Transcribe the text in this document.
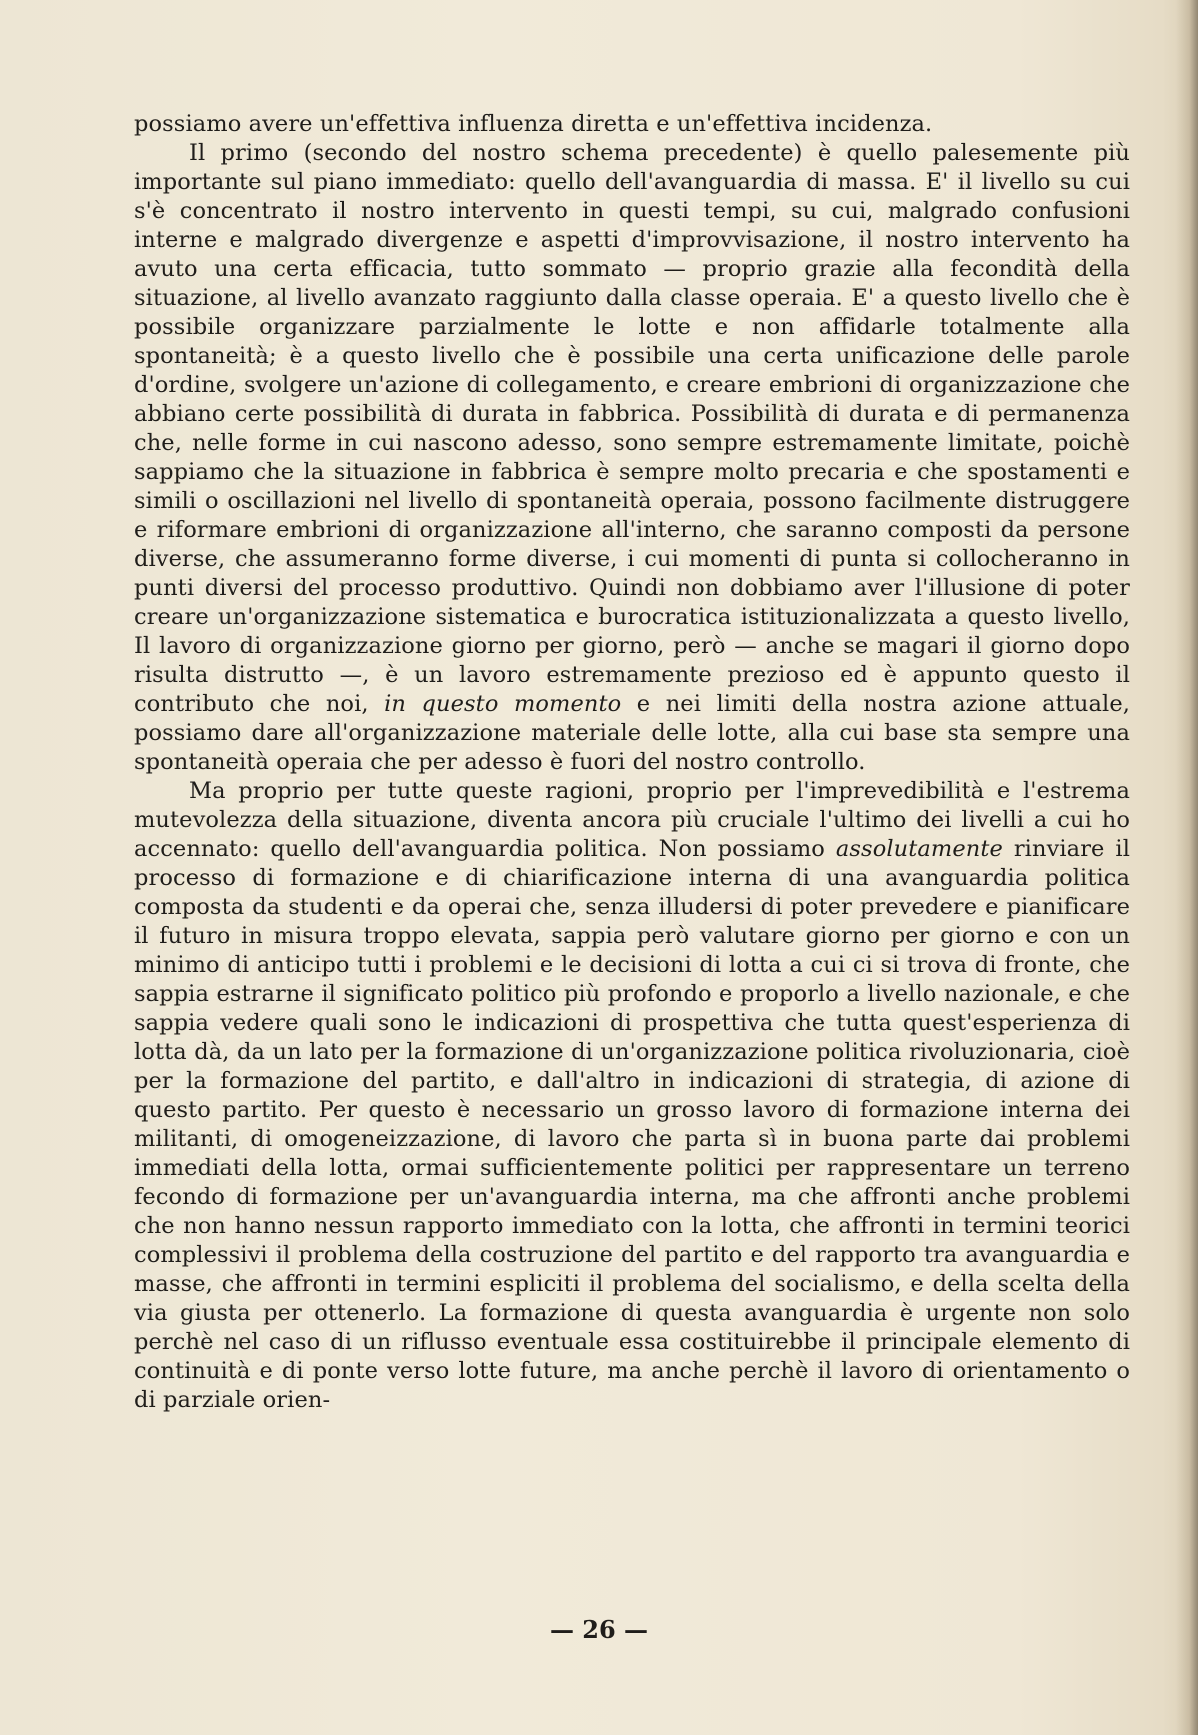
possiamo avere un'effettiva influenza diretta e un'effettiva incidenza.

Il primo (secondo del nostro schema precedente) è quello palesemente più importante sul piano immediato: quello dell'avanguardia di massa. E' il livello su cui s'è concentrato il nostro intervento in questi tempi, su cui, malgrado confusioni interne e malgrado divergenze e aspetti d'improvvisazione, il nostro intervento ha avuto una certa efficacia, tutto sommato — proprio grazie alla fecondità della situazione, al livello avanzato raggiunto dalla classe operaia. E' a questo livello che è possibile organizzare parzialmente le lotte e non affidarle totalmente alla spontaneità; è a questo livello che è possibile una certa unificazione delle parole d'ordine, svolgere un'azione di collegamento, e creare embrioni di organizzazione che abbiano certe possibilità di durata in fabbrica. Possibilità di durata e di permanenza che, nelle forme in cui nascono adesso, sono sempre estremamente limitate, poichè sappiamo che la situazione in fabbrica è sempre molto precaria e che spostamenti e simili o oscillazioni nel livello di spontaneità operaia, possono facilmente distruggere e riformare embrioni di organizzazione all'interno, che saranno composti da persone diverse, che assumeranno forme diverse, i cui momenti di punta si collocheranno in punti diversi del processo produttivo. Quindi non dobbiamo aver l'illusione di poter creare un'organizzazione sistematica e burocratica istituzionalizzata a questo livello, Il lavoro di organizzazione giorno per giorno, però — anche se magari il giorno dopo risulta distrutto —, è un lavoro estremamente prezioso ed è appunto questo il contributo che noi, in questo momento e nei limiti della nostra azione attuale, possiamo dare all'organizzazione materiale delle lotte, alla cui base sta sempre una spontaneità operaia che per adesso è fuori del nostro controllo.

Ma proprio per tutte queste ragioni, proprio per l'imprevedibilità e l'estrema mutevolezza della situazione, diventa ancora più cruciale l'ultimo dei livelli a cui ho accennato: quello dell'avanguardia politica. Non possiamo assolutamente rinviare il processo di formazione e di chiarificazione interna di una avanguardia politica composta da studenti e da operai che, senza illudersi di poter prevedere e pianificare il futuro in misura troppo elevata, sappia però valutare giorno per giorno e con un minimo di anticipo tutti i problemi e le decisioni di lotta a cui ci si trova di fronte, che sappia estrarne il significato politico più profondo e proporlo a livello nazionale, e che sappia vedere quali sono le indicazioni di prospettiva che tutta quest'esperienza di lotta dà, da un lato per la formazione di un'organizzazione politica rivoluzionaria, cioè per la formazione del partito, e dall'altro in indicazioni di strategia, di azione di questo partito. Per questo è necessario un grosso lavoro di formazione interna dei militanti, di omogeneizzazione, di lavoro che parta sì in buona parte dai problemi immediati della lotta, ormai sufficientemente politici per rappresentare un terreno fecondo di formazione per un'avanguardia interna, ma che affronti anche problemi che non hanno nessun rapporto immediato con la lotta, che affronti in termini teorici complessivi il problema della costruzione del partito e del rapporto tra avanguardia e masse, che affronti in termini espliciti il problema del socialismo, e della scelta della via giusta per ottenerlo. La formazione di questa avanguardia è urgente non solo perchè nel caso di un riflusso eventuale essa costituirebbe il principale elemento di continuità e di ponte verso lotte future, ma anche perchè il lavoro di orientamento o di parziale orien-

— 26 —
